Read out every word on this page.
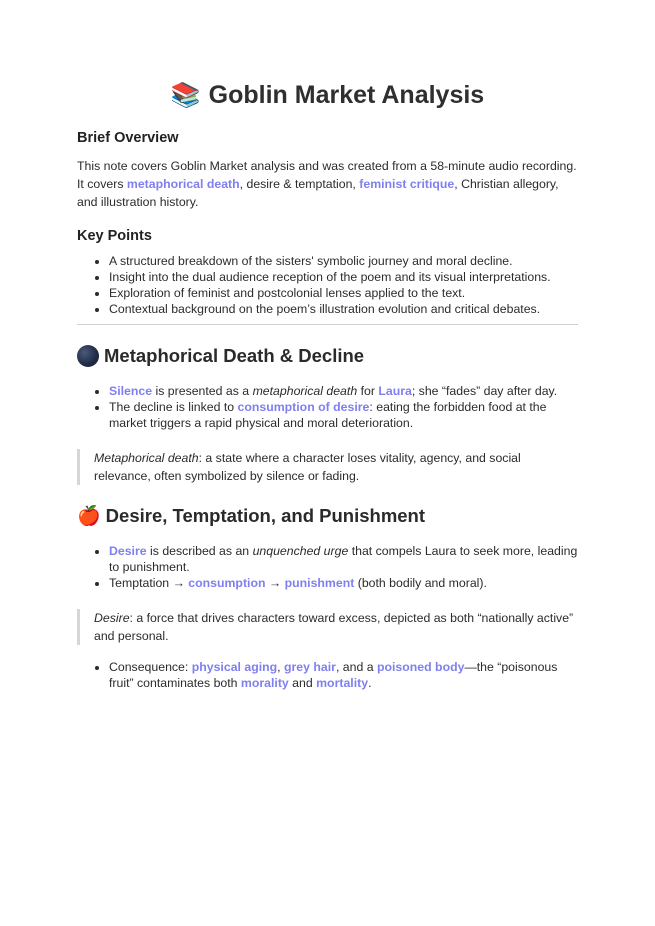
📚 Goblin Market Analysis
Brief Overview

This note covers Goblin Market analysis and was created from a 58-minute audio recording. It covers metaphorical death, desire & temptation, feminist critique, Christian allegory, and illustration history.

Key Points
• A structured breakdown of the sisters' symbolic journey and moral decline.
• Insight into the dual audience reception of the poem and its visual interpretations.
• Exploration of feminist and postcolonial lenses applied to the text.
• Contextual background on the poem’s illustration evolution and critical debates.
Metaphorical Death & Decline
• Silence is presented as a metaphorical death for Laura; she “fades” day after day.
• The decline is linked to consumption of desire: eating the forbidden food at the market triggers a rapid physical and moral deterioration.
Metaphorical death: a state where a character loses vitality, agency, and social relevance, often symbolized by silence or fading.
🍎 Desire, Temptation, and Punishment
• Desire is described as an unquenched urge that compels Laura to seek more, leading to punishment.
• Temptation → consumption → punishment (both bodily and moral).
Desire: a force that drives characters toward excess, depicted as both “nationally active” and personal.
• Consequence: physical aging, grey hair, and a poisoned body—the “poisonous fruit” contaminates both morality and mortality.
